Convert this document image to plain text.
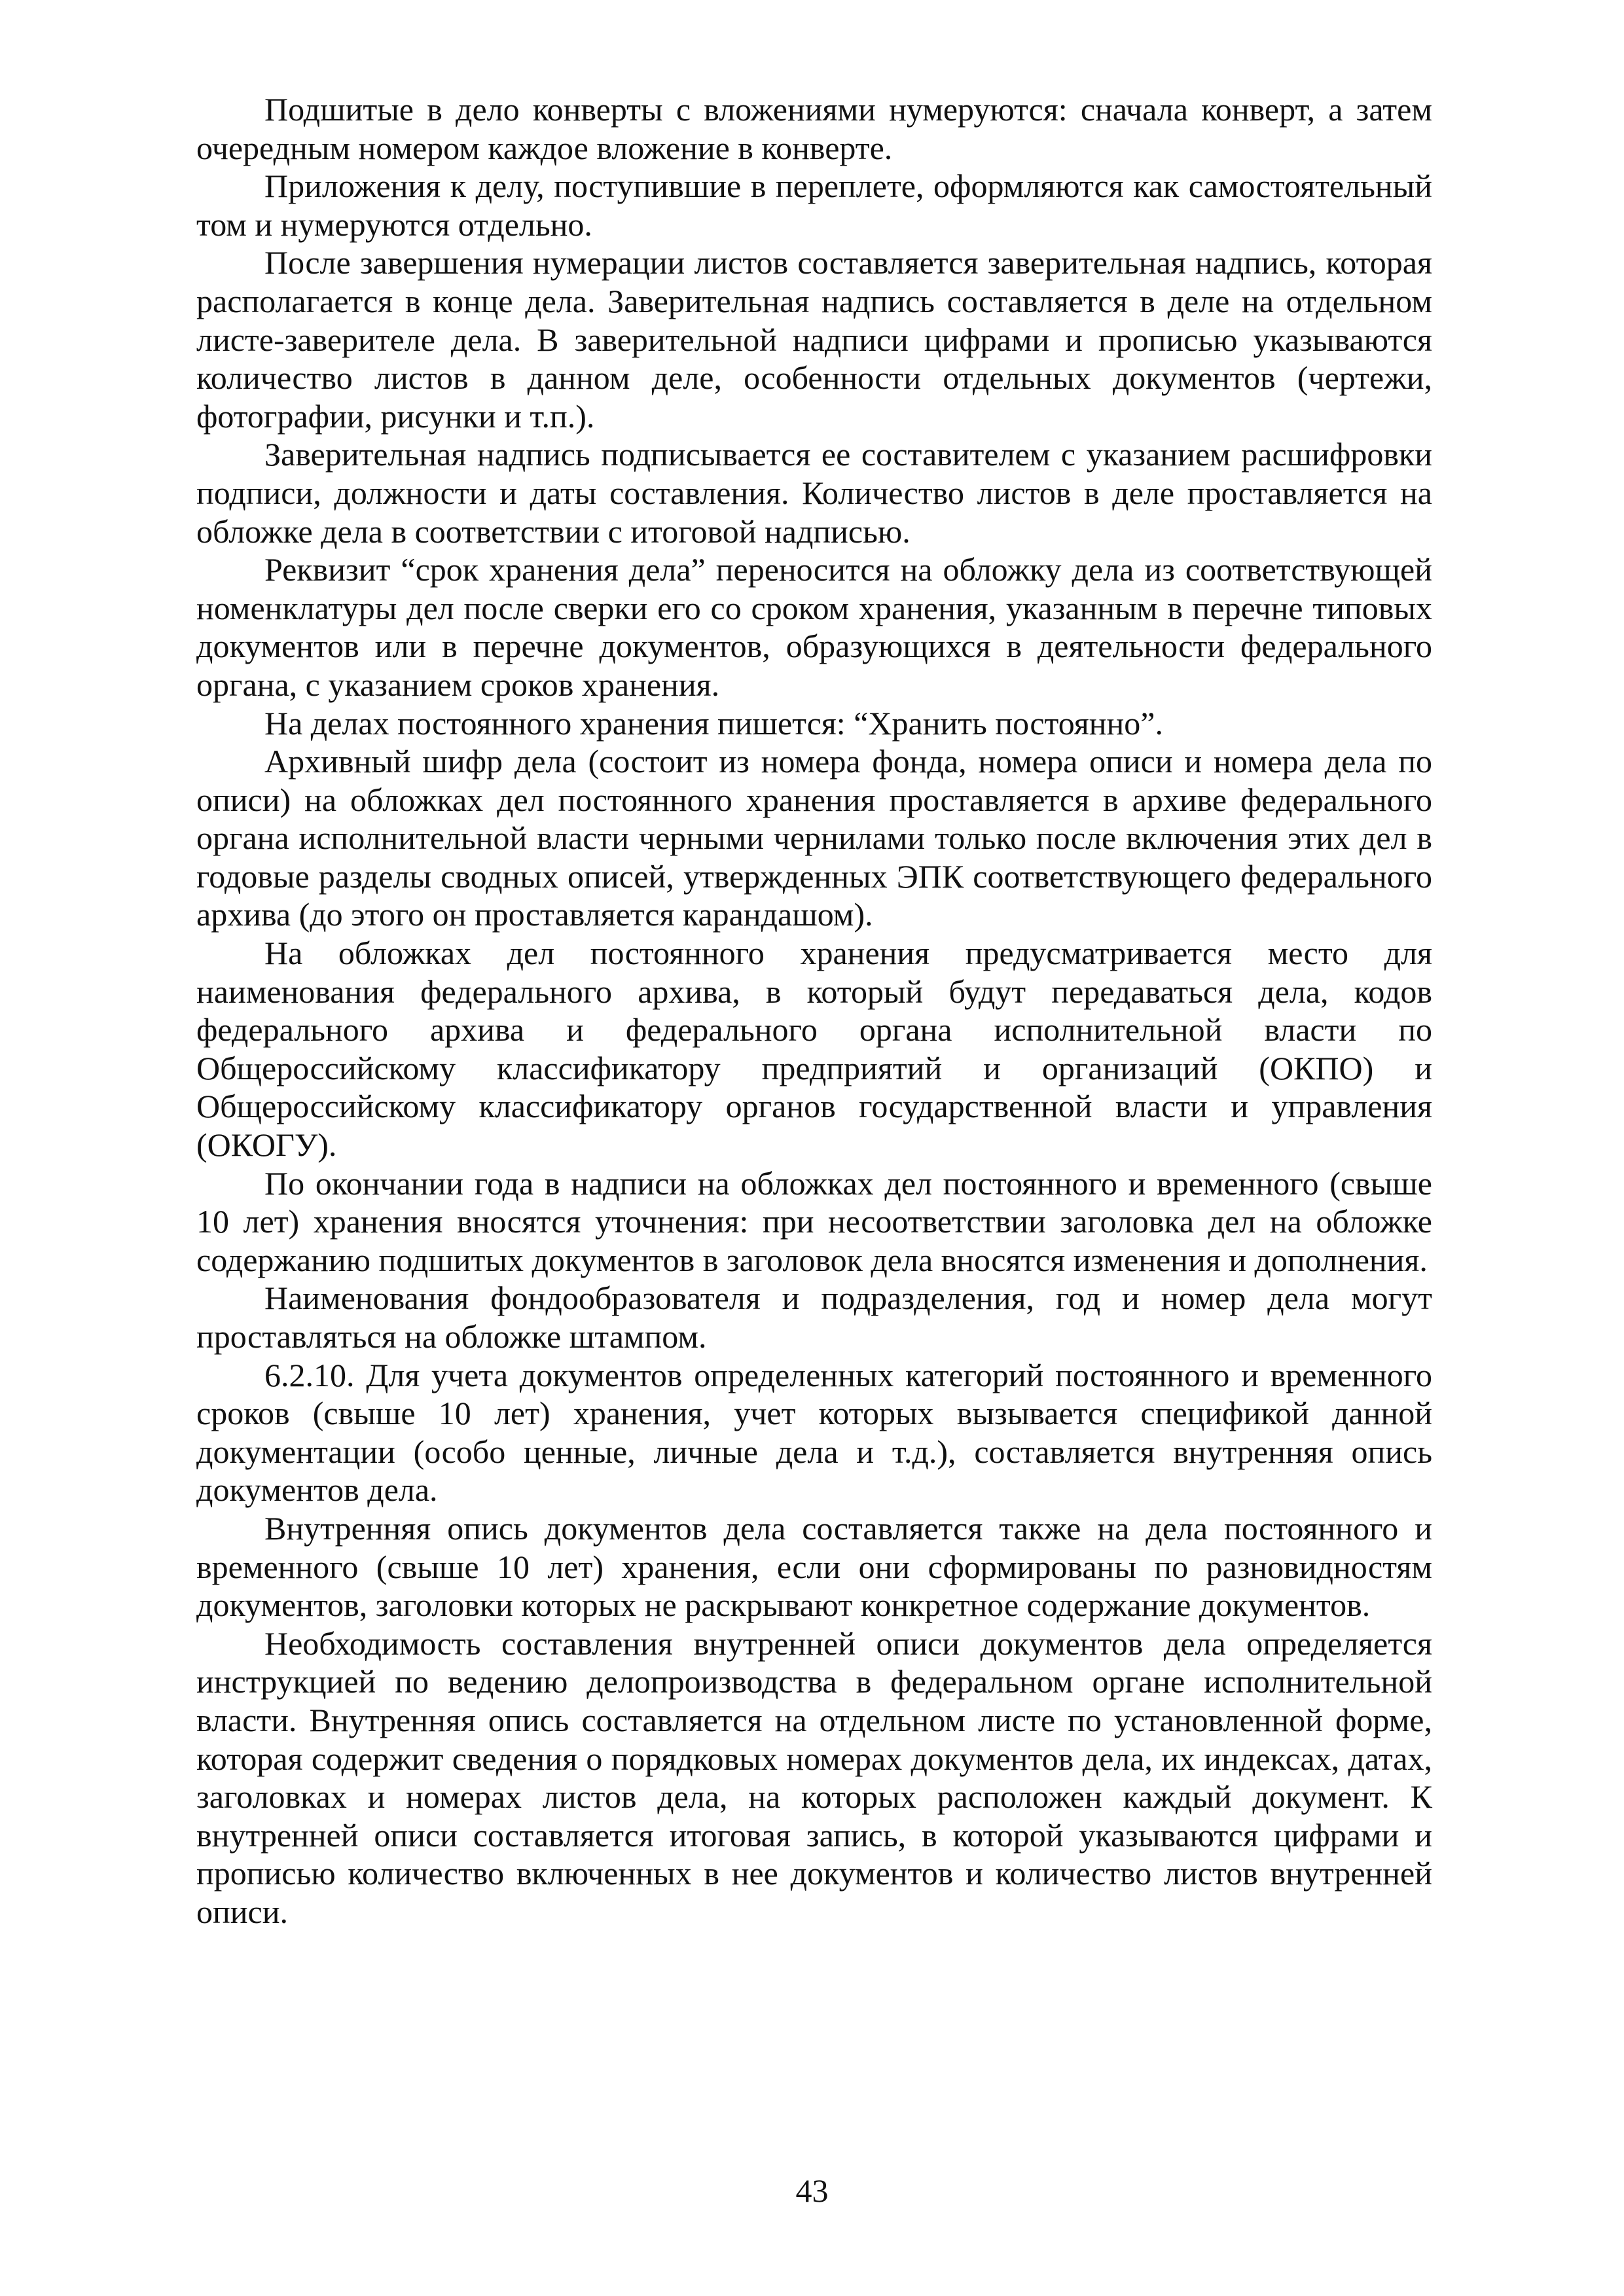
Подшитые в дело конверты с вложениями нумеруются: сначала конверт, а затем очередным номером каждое вложение в конверте.

Приложения к делу, поступившие в переплете, оформляются как самостоятельный том и нумеруются отдельно.

После завершения нумерации листов составляется заверительная надпись, которая располагается в конце дела. Заверительная надпись составляется в деле на отдельном листе-заверителе дела. В заверительной надписи цифрами и прописью указываются количество листов в данном деле, особенности отдельных документов (чертежи, фотографии, рисунки и т.п.).

Заверительная надпись подписывается ее составителем с указанием расшифровки подписи, должности и даты составления. Количество листов в деле проставляется на обложке дела в соответствии с итоговой надписью.

Реквизит “срок хранения дела” переносится на обложку дела из соответствующей номенклатуры дел после сверки его со сроком хранения, указанным в перечне типовых документов или в перечне документов, образующихся в деятельности федерального органа, с указанием сроков хранения.

На делах постоянного хранения пишется: “Хранить постоянно”.

Архивный шифр дела (состоит из номера фонда, номера описи и номера дела по описи) на обложках дел постоянного хранения проставляется в архиве федерального органа исполнительной власти черными чернилами только после включения этих дел в годовые разделы сводных описей, утвержденных ЭПК соответствующего федерального архива (до этого он проставляется карандашом).

На обложках дел постоянного хранения предусматривается место для наименования федерального архива, в который будут передаваться дела, кодов федерального архива и федерального органа исполнительной власти по Общероссийскому классификатору предприятий и организаций (ОКПО) и Общероссийскому классификатору органов государственной власти и управления (ОКОГУ).

По окончании года в надписи на обложках дел постоянного и временного (свыше 10 лет) хранения вносятся уточнения: при несоответствии заголовка дел на обложке содержанию подшитых документов в заголовок дела вносятся изменения и дополнения.

Наименования фондообразователя и подразделения, год и номер дела могут проставляться на обложке штампом.

6.2.10. Для учета документов определенных категорий постоянного и временного сроков (свыше 10 лет) хранения, учет которых вызывается спецификой данной документации (особо ценные, личные дела и т.д.), составляется внутренняя опись документов дела.

Внутренняя опись документов дела составляется также на дела постоянного и временного (свыше 10 лет) хранения, если они сформированы по разновидностям документов, заголовки которых не раскрывают конкретное содержание документов.

Необходимость составления внутренней описи документов дела определяется инструкцией по ведению делопроизводства в федеральном органе исполнительной власти. Внутренняя опись составляется на отдельном листе по установленной форме, которая содержит сведения о порядковых номерах документов дела, их индексах, датах, заголовках и номерах листов дела, на которых расположен каждый документ. К внутренней описи составляется итоговая запись, в которой указываются цифрами и прописью количество включенных в нее документов и количество листов внутренней описи.

43
